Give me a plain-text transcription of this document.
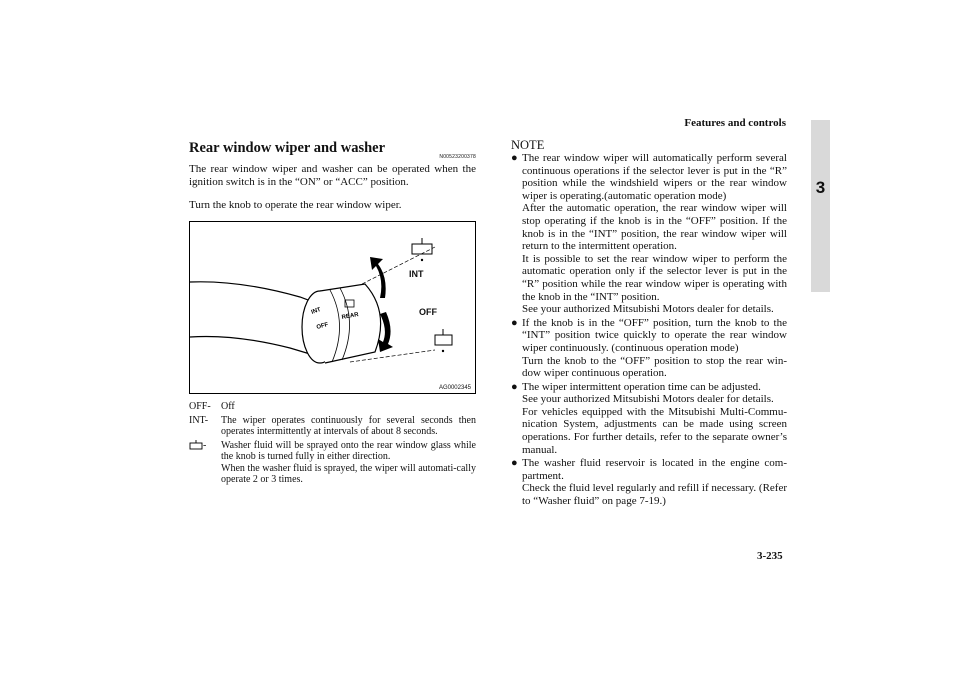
Features and controls
3
Rear window wiper and washer
N00523200378

The rear window wiper and washer can be operated when the ignition switch is in the “ON” or “ACC” position.

Turn the knob to operate the rear window wiper.

INT
OFF
REAR
INT
OFF
AG0002345
OFF-	Off
INT-	The wiper operates continuously for several seconds then operates intermittently at intervals of about 8 seconds.
-	Washer fluid will be sprayed onto the rear window glass while the knob is turned fully in either direction.
When the washer fluid is sprayed, the wiper will automati-cally operate 2 or 3 times.

NOTE

● The rear window wiper will automatically perform several continuous operations if the selector lever is put in the “R” position while the windshield wipers or the rear window wiper is operating.(automatic operation mode)
After the automatic operation, the rear window wiper will stop operating if the knob is in the “OFF” position. If the knob is in the “INT” position, the rear window wiper will return to the intermittent operation.
It is possible to set the rear window wiper to perform the automatic operation only if the selector lever is put in the “R” position while the rear window wiper is operating with the knob in the “INT” position.
See your authorized Mitsubishi Motors dealer for details.
● If the knob is in the “OFF” position, turn the knob to the “INT” position twice quickly to operate the rear window wiper continuously. (continuous operation mode)
Turn the knob to the “OFF” position to stop the rear win-dow wiper continuous operation.
● The wiper intermittent operation time can be adjusted.
See your authorized Mitsubishi Motors dealer for details.
For vehicles equipped with the Mitsubishi Multi-Commu-nication System, adjustments can be made using screen operations. For further details, refer to the separate owner’s manual.
● The washer fluid reservoir is located in the engine com-partment.
Check the fluid level regularly and refill if necessary. (Refer to “Washer fluid” on page 7-19.)
3-235
